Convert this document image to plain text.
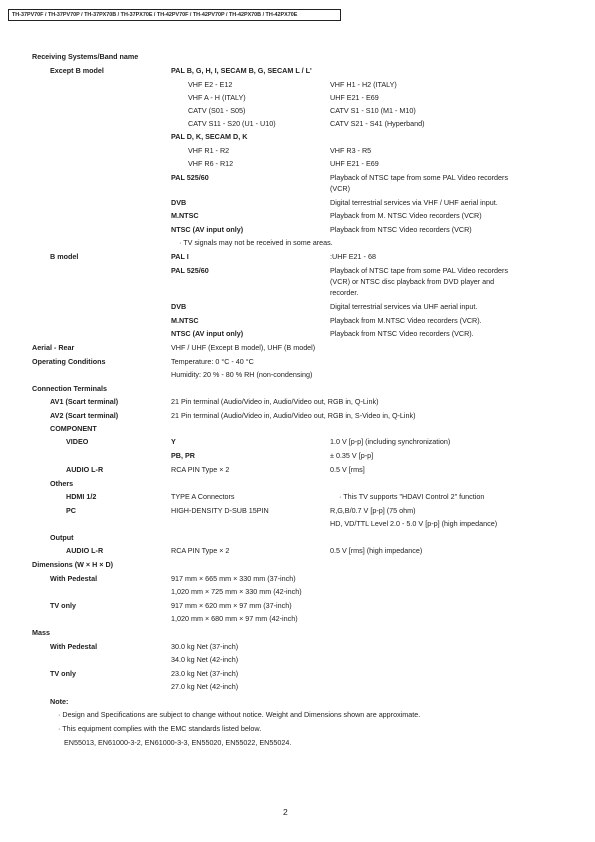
TH-37PV70F / TH-37PV70P / TH-37PX70B / TH-37PX70E / TH-42PV70F / TH-42PV70P / TH-42PX70B / TH-42PX70E
Receiving Systems/Band name
Except B model	PAL B, G, H, I, SECAM B, G, SECAM L / L'
VHF E2 - E12	VHF H1 - H2 (ITALY)
VHF A - H (ITALY)	UHF E21 - E69
CATV (S01 - S05)	CATV S1 - S10 (M1 - M10)
CATV S11 - S20 (U1 - U10)	CATV S21 - S41 (Hyperband)
PAL D, K, SECAM D, K
VHF R1 - R2	VHF R3 - R5
VHF R6 - R12	UHF E21 - E69
PAL 525/60	Playback of NTSC tape from some PAL Video recorders
(VCR)
DVB	Digital terrestrial services via VHF / UHF aerial input.
M.NTSC	Playback from M. NTSC Video recorders (VCR)
NTSC (AV input only)	Playback from NTSC Video recorders (VCR)
· TV signals may not be received in some areas.
B model	PAL I	:UHF E21 - 68
PAL 525/60	Playback of NTSC tape from some PAL Video recorders
(VCR) or NTSC disc playback from DVD player and
recorder.
DVB	Digital terrestrial services via UHF aerial input.
M.NTSC	Playback from M.NTSC Video recorders (VCR).
NTSC (AV input only)	Playback from NTSC Video recorders (VCR).
Aerial - Rear	VHF / UHF (Except B model), UHF (B model)
Operating Conditions	Temperature: 0 °C - 40 °C
Humidity: 20 % - 80 % RH (non-condensing)
Connection Terminals
AV1 (Scart terminal)	21 Pin terminal (Audio/Video in, Audio/Video out, RGB in, Q-Link)
AV2 (Scart terminal)	21 Pin terminal (Audio/Video in, Audio/Video out, RGB in, S-Video in, Q-Link)
COMPONENT
VIDEO	Y	1.0 V [p-p] (including synchronization)
PB, PR	± 0.35 V [p-p]
AUDIO L-R	RCA PIN Type × 2	0.5 V [rms]
Others
HDMI 1/2	TYPE A Connectors	· This TV supports "HDAVI Control 2" function
PC	HIGH-DENSITY D-SUB 15PIN	R,G,B/0.7 V [p-p] (75 ohm)
HD, VD/TTL Level 2.0 - 5.0 V [p-p] (high impedance)
Output
AUDIO L-R	RCA PIN Type × 2	0.5 V [rms] (high impedance)
Dimensions (W × H × D)
With Pedestal	917 mm × 665 mm × 330 mm (37-inch)
1,020 mm × 725 mm × 330 mm (42-inch)
TV only	917 mm × 620 mm × 97 mm (37-inch)
1,020 mm × 680 mm × 97 mm (42-inch)
Mass
With Pedestal	30.0 kg Net (37-inch)
34.0 kg Net (42-inch)
TV only	23.0 kg Net (37-inch)
27.0 kg Net (42-inch)
Note:
· Design and Specifications are subject to change without notice. Weight and Dimensions shown are approximate.
· This equipment complies with the EMC standards listed below.
EN55013, EN61000-3-2, EN61000-3-3, EN55020, EN55022, EN55024.
2
